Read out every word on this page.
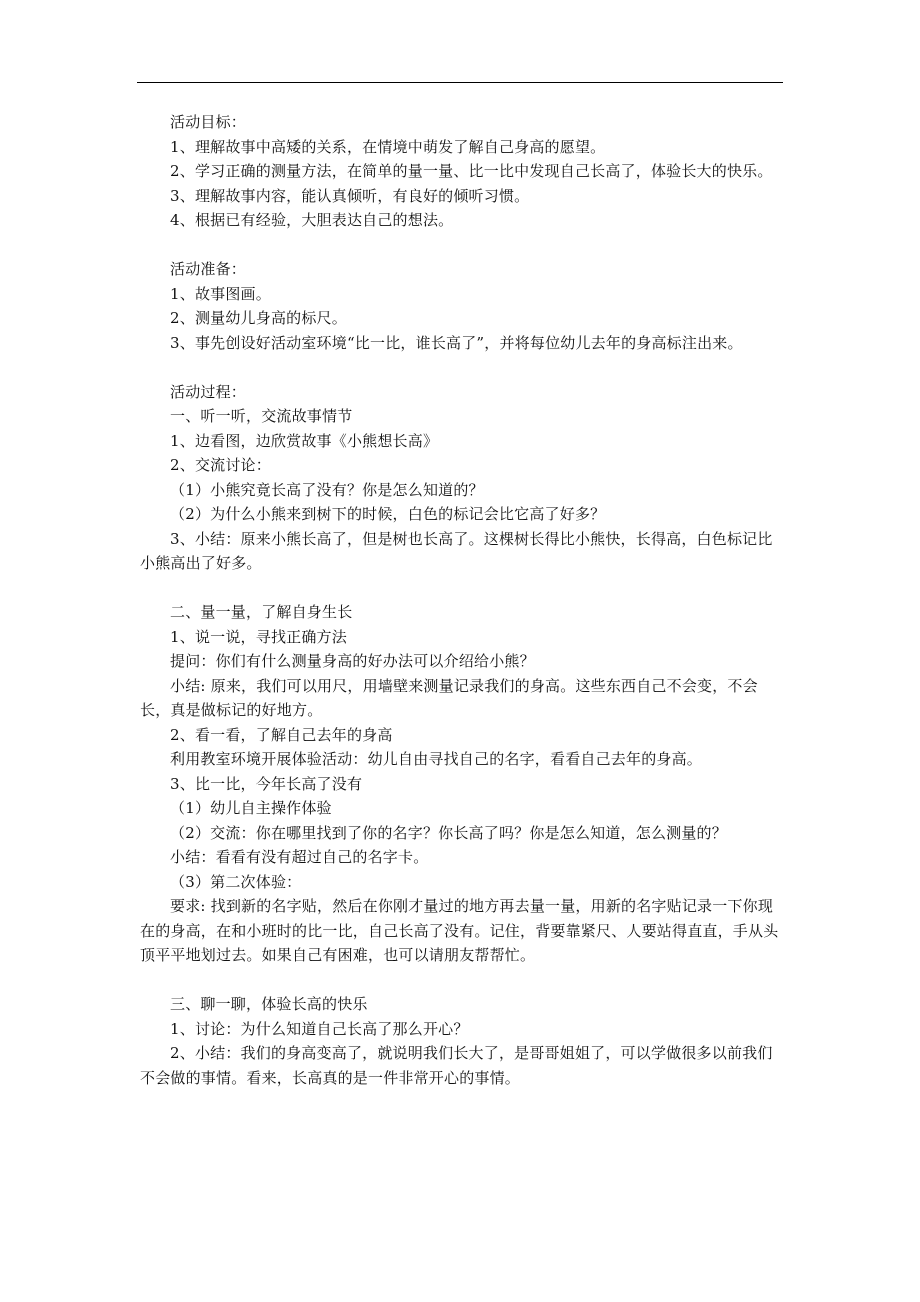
活动目标：

1、理解故事中高矮的关系，在情境中萌发了解自己身高的愿望。

2、学习正确的测量方法，在简单的量一量、比一比中发现自己长高了，体验长大的快乐。

3、理解故事内容，能认真倾听，有良好的倾听习惯。

4、根据已有经验，大胆表达自己的想法。

活动准备：

1、故事图画。

2、测量幼儿身高的标尺。

3、事先创设好活动室环境“比一比，谁长高了”，并将每位幼儿去年的身高标注出来。

活动过程：

一、听一听，交流故事情节

1、边看图，边欣赏故事《小熊想长高》

2、交流讨论：

（1）小熊究竟长高了没有？你是怎么知道的？

（2）为什么小熊来到树下的时候，白色的标记会比它高了好多？

3、小结：原来小熊长高了，但是树也长高了。这棵树长得比小熊快，长得高，白色标记比小熊高出了好多。

二、量一量，了解自身生长

1、说一说，寻找正确方法

提问：你们有什么测量身高的好办法可以介绍给小熊？

小结: 原来，我们可以用尺，用墙壁来测量记录我们的身高。这些东西自己不会变，不会长，真是做标记的好地方。

2、看一看，了解自己去年的身高

利用教室环境开展体验活动：幼儿自由寻找自己的名字，看看自己去年的身高。

3、比一比，今年长高了没有

（1）幼儿自主操作体验

（2）交流：你在哪里找到了你的名字？你长高了吗？你是怎么知道，怎么测量的？

小结：看看有没有超过自己的名字卡。

（3）第二次体验：

要求: 找到新的名字贴，然后在你刚才量过的地方再去量一量，用新的名字贴记录一下你现在的身高，在和小班时的比一比，自己长高了没有。记住，背要靠紧尺、人要站得直直，手从头顶平平地划过去。如果自己有困难，也可以请朋友帮帮忙。

三、聊一聊，体验长高的快乐

1、讨论：为什么知道自己长高了那么开心？

2、小结：我们的身高变高了，就说明我们长大了，是哥哥姐姐了，可以学做很多以前我们不会做的事情。看来，长高真的是一件非常开心的事情。
